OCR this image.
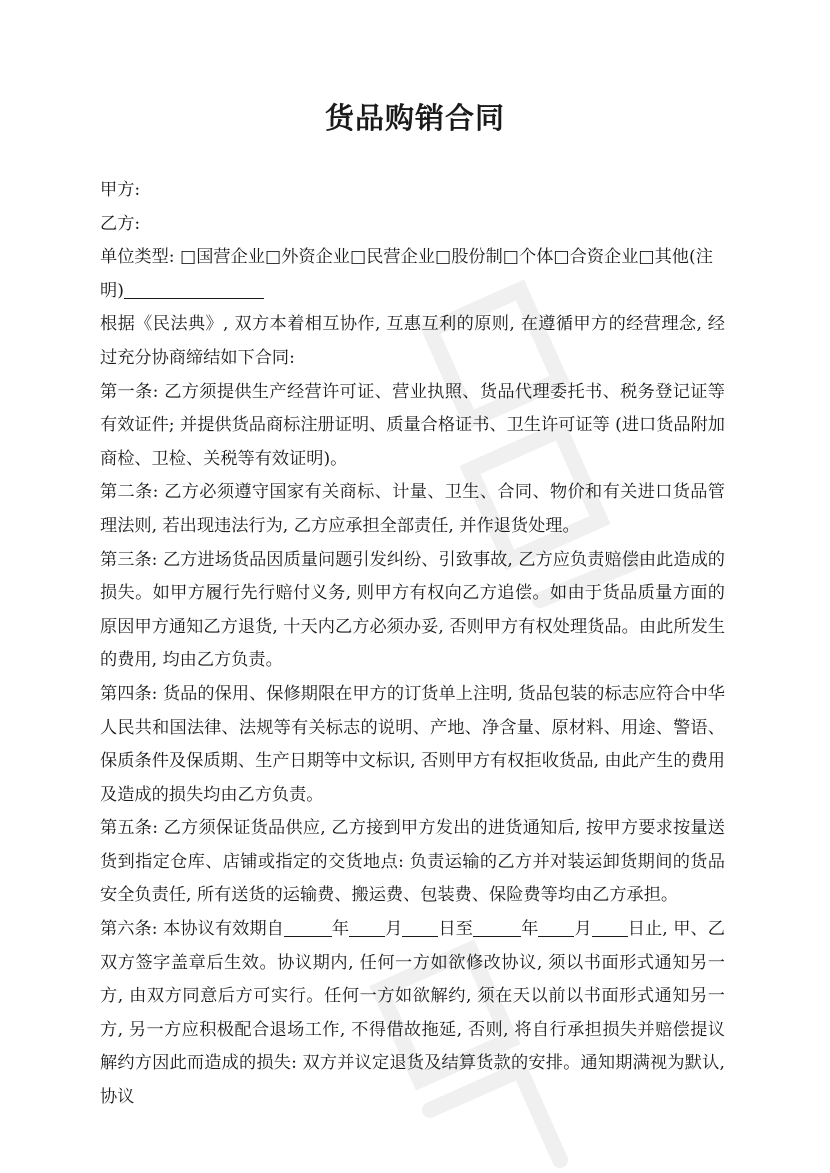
货品购销合同

甲方:

乙方:

单位类型: □国营企业□外资企业□民营企业□股份制□个体□合资企业□其他(注

明)

根据《民法典》, 双方本着相互协作, 互惠互利的原则, 在遵循甲方的经营理念, 经过充分协商缔结如下合同:

第一条: 乙方须提供生产经营许可证、营业执照、货品代理委托书、税务登记证等有效证件; 并提供货品商标注册证明、质量合格证书、卫生许可证等 (进口货品附加商检、卫检、关税等有效证明)。

第二条: 乙方必须遵守国家有关商标、计量、卫生、合同、物价和有关进口货品管理法则, 若出现违法行为, 乙方应承担全部责任, 并作退货处理。

第三条: 乙方进场货品因质量问题引发纠纷、引致事故, 乙方应负责赔偿由此造成的损失。如甲方履行先行赔付义务, 则甲方有权向乙方追偿。如由于货品质量方面的原因甲方通知乙方退货, 十天内乙方必须办妥, 否则甲方有权处理货品。由此所发生的费用, 均由乙方负责。

第四条: 货品的保用、保修期限在甲方的订货单上注明, 货品包装的标志应符合中华人民共和国法律、法规等有关标志的说明、产地、净含量、原材料、用途、警语、保质条件及保质期、生产日期等中文标识, 否则甲方有权拒收货品, 由此产生的费用及造成的损失均由乙方负责。

第五条: 乙方须保证货品供应, 乙方接到甲方发出的进货通知后, 按甲方要求按量送货到指定仓库、店铺或指定的交货地点: 负责运输的乙方并对装运卸货期间的货品安全负责任, 所有送货的运输费、搬运费、包装费、保险费等均由乙方承担。

第六条: 本协议有效期自	年 月 日至	年 月 日止, 甲、乙双方签字盖章后生效。协议期内, 任何一方如欲修改协议, 须以书面形式通知另一方, 由双方同意后方可实行。任何一方如欲解约, 须在天以前以书面形式通知另一方, 另一方应积极配合退场工作, 不得借故拖延, 否则, 将自行承担损失并赔偿提议解约方因此而造成的损失: 双方并议定退货及结算货款的安排。通知期满视为默认, 协议
